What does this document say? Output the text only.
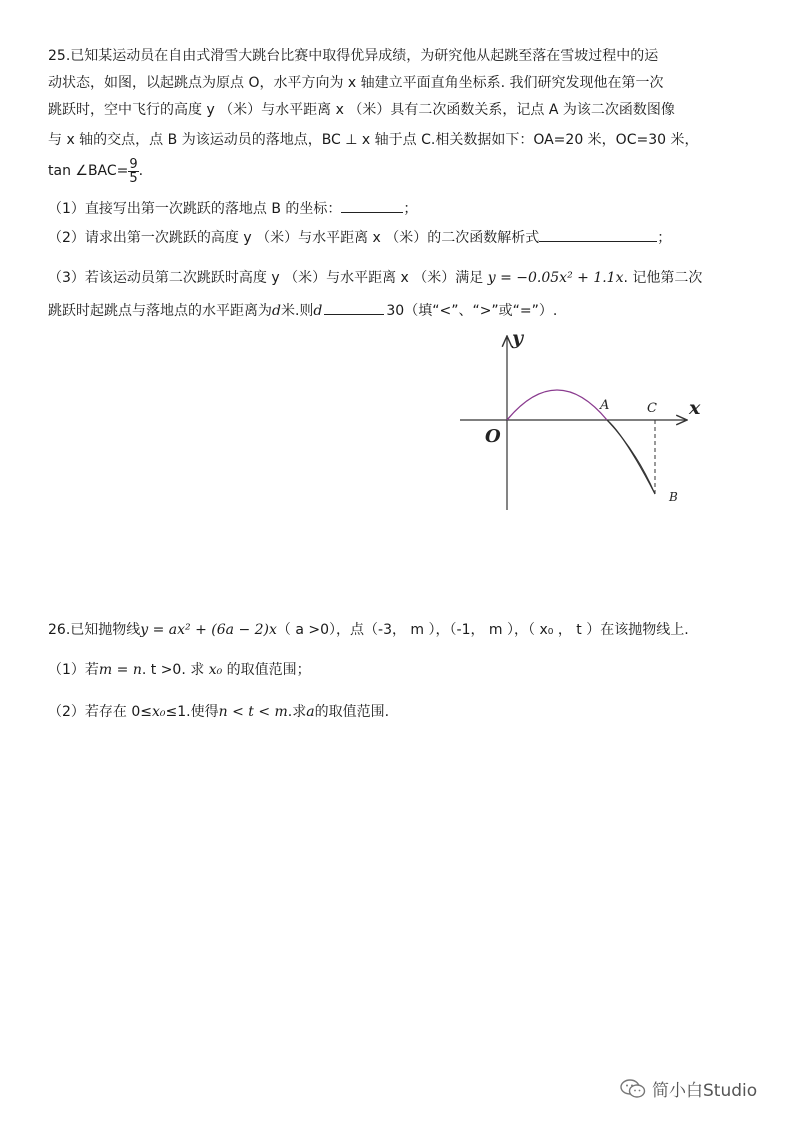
25.已知某运动员在自由式滑雪大跳台比赛中取得优异成绩，为研究他从起跳至落在雪坡过程中的运
动状态，如图，以起跳点为原点 O，水平方向为 x 轴建立平面直角坐标系. 我们研究发现他在第一次
跳跃时，空中飞行的高度 y （米）与水平距离 x （米）具有二次函数关系，记点 A 为该二次函数图像
与 x 轴的交点，点 B 为该运动员的落地点，BC ⊥ x 轴于点 C.相关数据如下：OA=20 米，OC=30 米，
tan ∠BAC= $\frac{9}{5}$ .
（1）直接写出第一次跳跃的落地点 B 的坐标：	；
（2）请求出第一次跳跃的高度 y （米）与水平距离 x （米）的二次函数解析式	；
（3）若该运动员第二次跳跃时高度 y （米）与水平距离 x （米）满足 y = −0.05x² + 1.1x. 记他第二次
跳跃时起跳点与落地点的水平距离为d米.则d	30（填“<”、“>”或“=”）.
y
x
O
A	C
B
26.已知抛物线y = ax² + (6a − 2)x（ a >0），点（-3， m ），（-1， m ），（ x₀ ， t ）在该抛物线上.
（1）若m = n. t >0. 求 x₀ 的取值范围；
（2）若存在 0≤x₀≤1.使得n < t < m.求a的取值范围.
简小白Studio
